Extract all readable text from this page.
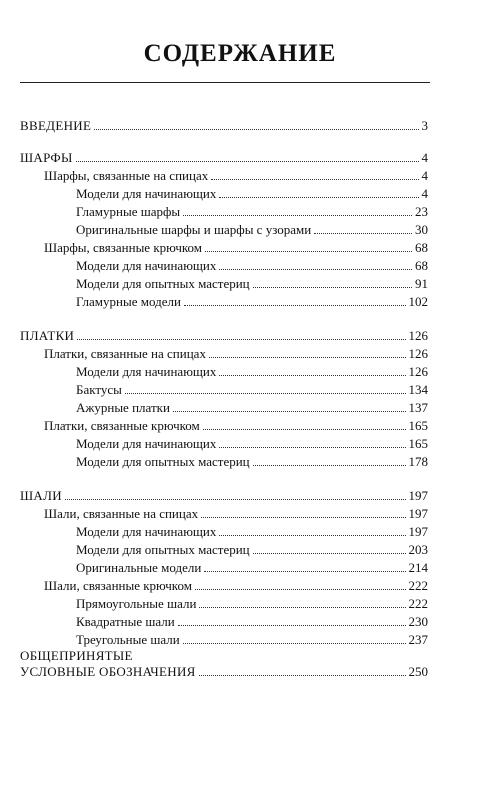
СОДЕРЖАНИЕ
ВВЕДЕНИЕ	3
ШАРФЫ	4
Шарфы, связанные на спицах	4
Модели для начинающих	4
Гламурные шарфы	23
Оригинальные шарфы и шарфы с узорами	30
Шарфы, связанные крючком	68
Модели для начинающих	68
Модели для опытных мастериц	91
Гламурные модели	102
ПЛАТКИ	126
Платки, связанные на спицах	126
Модели для начинающих	126
Бактусы	134
Ажурные платки	137
Платки, связанные крючком	165
Модели для начинающих	165
Модели для опытных мастериц	178
ШАЛИ	197
Шали, связанные на спицах	197
Модели для начинающих	197
Модели для опытных мастериц	203
Оригинальные модели	214
Шали, связанные крючком	222
Прямоугольные шали	222
Квадратные шали	230
Треугольные шали	237
ОБЩЕПРИНЯТЫЕ
УСЛОВНЫЕ ОБОЗНАЧЕНИЯ	250
